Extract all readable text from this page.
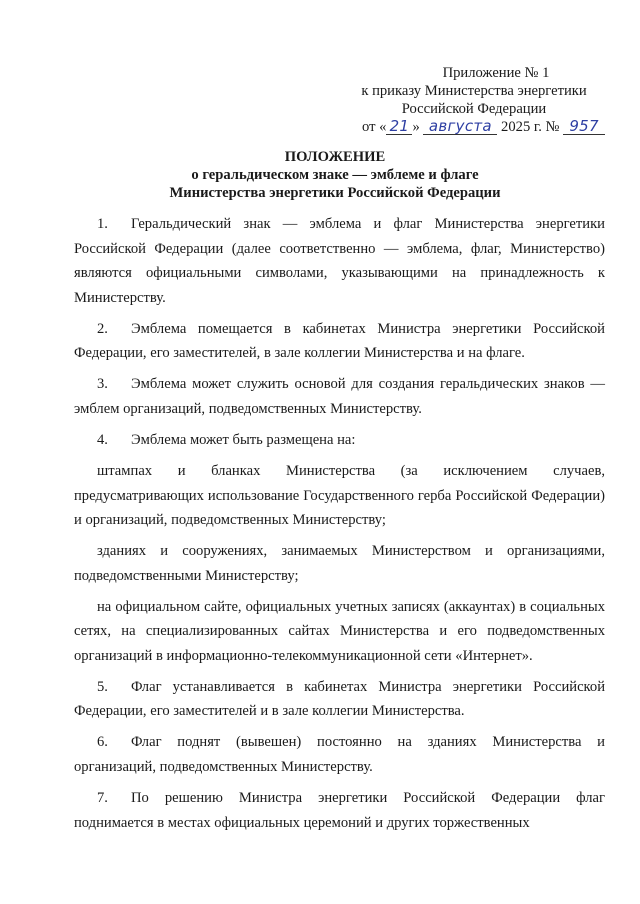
Приложение № 1
к приказу Министерства энергетики
Российской Федерации
от « 21 » августа 2025 г. № 957
ПОЛОЖЕНИЕ
о геральдическом знаке — эмблеме и флаге
Министерства энергетики Российской Федерации

1. Геральдический знак — эмблема и флаг Министерства энергетики Российской Федерации (далее соответственно — эмблема, флаг, Министерство) являются официальными символами, указывающими на принадлежность к Министерству.

2. Эмблема помещается в кабинетах Министра энергетики Российской Федерации, его заместителей, в зале коллегии Министерства и на флаге.

3. Эмблема может служить основой для создания геральдических знаков — эмблем организаций, подведомственных Министерству.

4. Эмблема может быть размещена на:

штампах и бланках Министерства (за исключением случаев, предусматривающих использование Государственного герба Российской Федерации) и организаций, подведомственных Министерству;

зданиях и сооружениях, занимаемых Министерством и организациями, подведомственными Министерству;

на официальном сайте, официальных учетных записях (аккаунтах) в социальных сетях, на специализированных сайтах Министерства и его подведомственных организаций в информационно-телекоммуникационной сети «Интернет».

5. Флаг устанавливается в кабинетах Министра энергетики Российской Федерации, его заместителей и в зале коллегии Министерства.

6. Флаг поднят (вывешен) постоянно на зданиях Министерства и организаций, подведомственных Министерству.

7. По решению Министра энергетики Российской Федерации флаг поднимается в местах официальных церемоний и других торжественных
